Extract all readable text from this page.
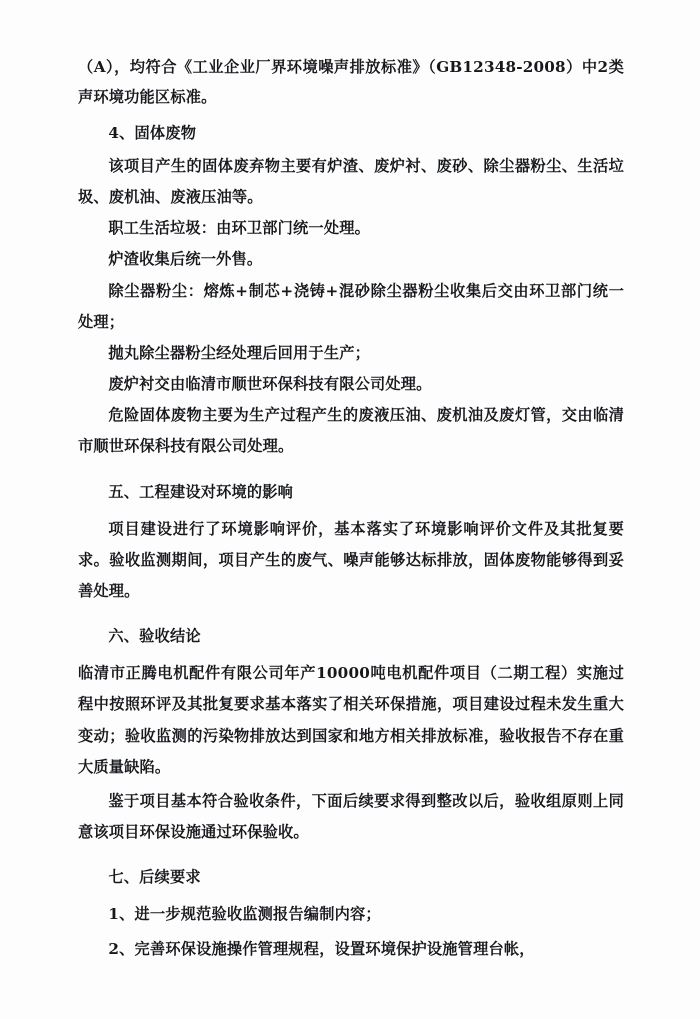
（A），均符合《工业企业厂界环境噪声排放标准》（GB12348-2008）中2类声环境功能区标准。

4、固体废物

该项目产生的固体废弃物主要有炉渣、废炉衬、废砂、除尘器粉尘、生活垃圾、废机油、废液压油等。

职工生活垃圾：由环卫部门统一处理。

炉渣收集后统一外售。

除尘器粉尘：熔炼+制芯+浇铸+混砂除尘器粉尘收集后交由环卫部门统一处理；

抛丸除尘器粉尘经处理后回用于生产；

废炉衬交由临清市顺世环保科技有限公司处理。

危险固体废物主要为生产过程产生的废液压油、废机油及废灯管，交由临清市顺世环保科技有限公司处理。

五、工程建设对环境的影响

项目建设进行了环境影响评价，基本落实了环境影响评价文件及其批复要求。验收监测期间，项目产生的废气、噪声能够达标排放，固体废物能够得到妥善处理。

六、验收结论

临清市正腾电机配件有限公司年产10000吨电机配件项目（二期工程）实施过程中按照环评及其批复要求基本落实了相关环保措施，项目建设过程未发生重大变动；验收监测的污染物排放达到国家和地方相关排放标准，验收报告不存在重大质量缺陷。

鉴于项目基本符合验收条件，下面后续要求得到整改以后，验收组原则上同意该项目环保设施通过环保验收。

七、后续要求

1、进一步规范验收监测报告编制内容；

2、完善环保设施操作管理规程，设置环境保护设施管理台帐，
